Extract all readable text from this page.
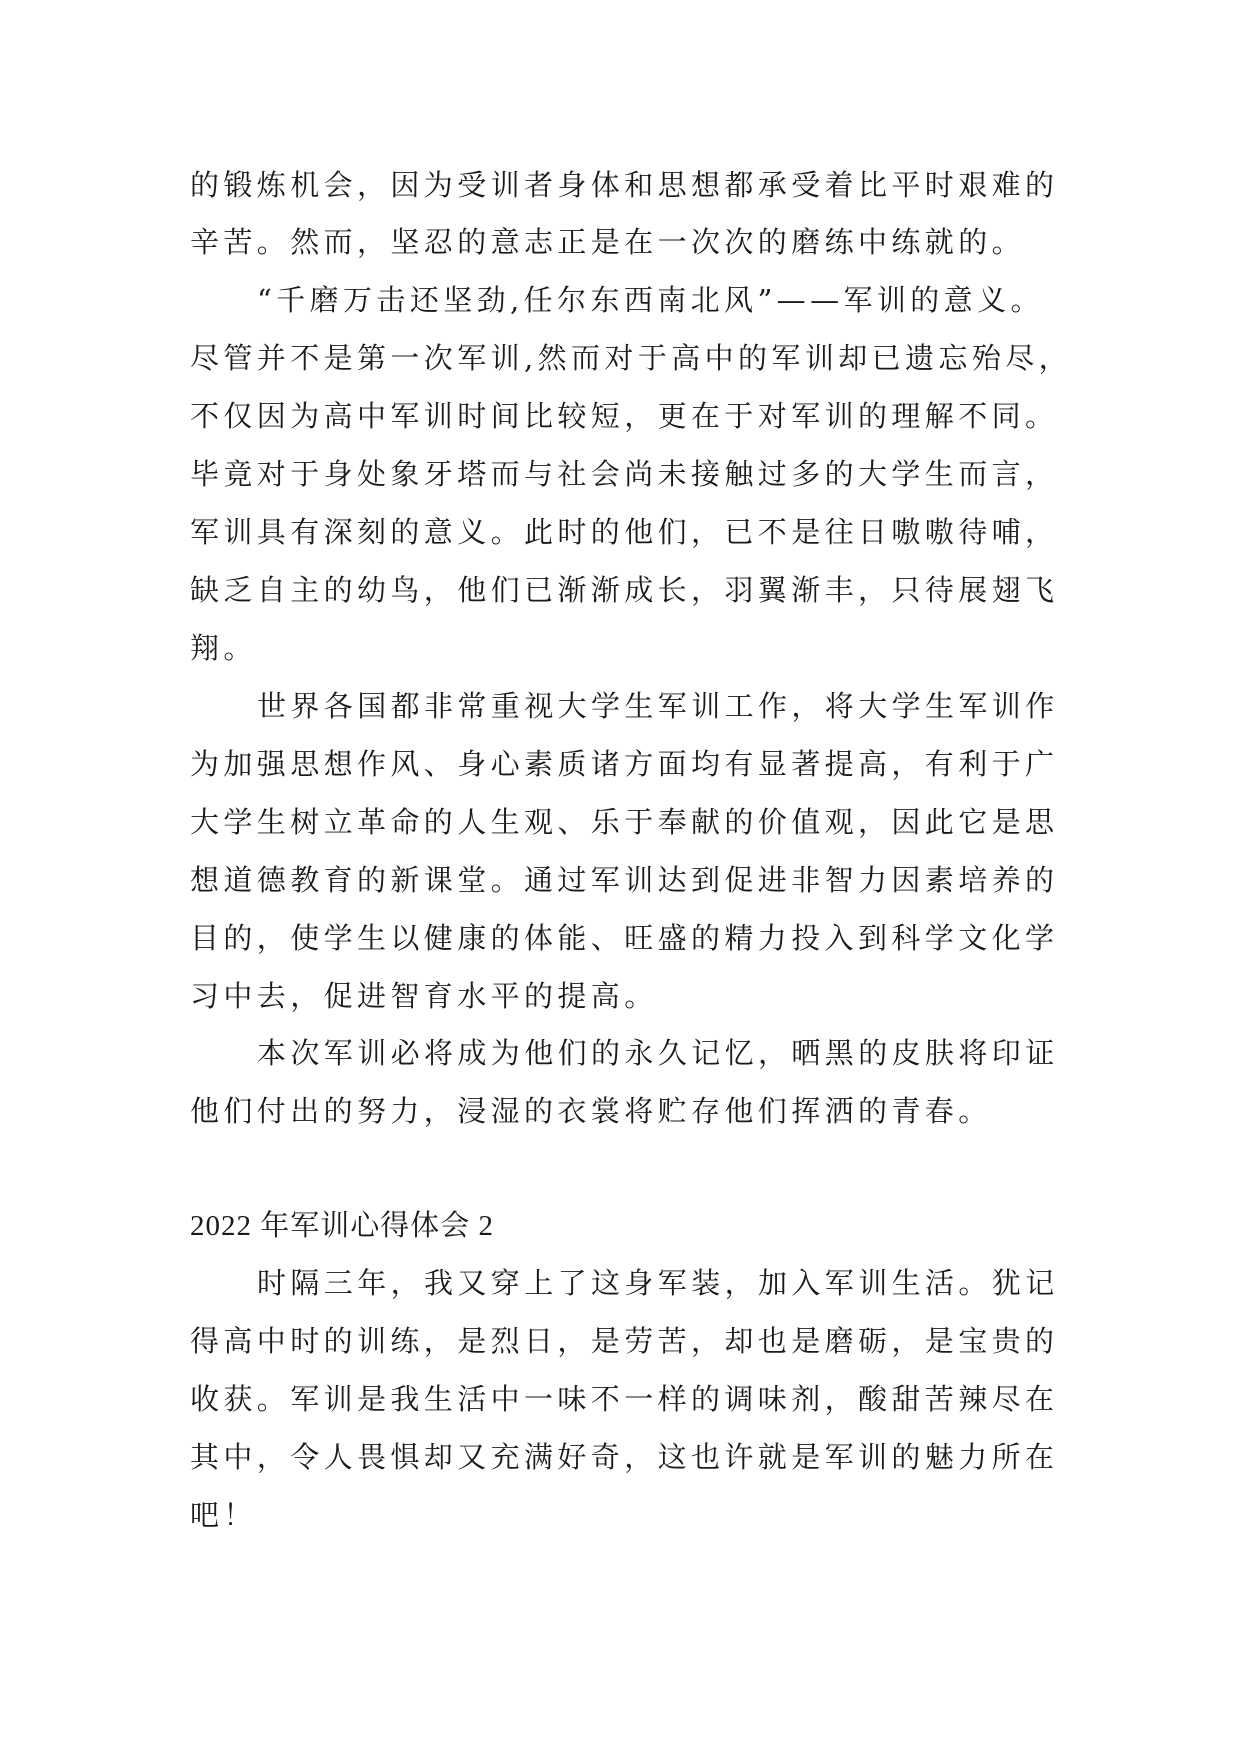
的锻炼机会，因为受训者身体和思想都承受着比平时艰难的

辛苦。然而，坚忍的意志正是在一次次的磨练中练就的。

“千磨万击还坚劲,任尔东西南北风”——军训的意义。

尽管并不是第一次军训,然而对于高中的军训却已遗忘殆尽，

不仅因为高中军训时间比较短，更在于对军训的理解不同。

毕竟对于身处象牙塔而与社会尚未接触过多的大学生而言，

军训具有深刻的意义。此时的他们，已不是往日嗷嗷待哺，

缺乏自主的幼鸟，他们已渐渐成长，羽翼渐丰，只待展翅飞

翔。

世界各国都非常重视大学生军训工作，将大学生军训作

为加强思想作风、身心素质诸方面均有显著提高，有利于广

大学生树立革命的人生观、乐于奉献的价值观，因此它是思

想道德教育的新课堂。通过军训达到促进非智力因素培养的

目的，使学生以健康的体能、旺盛的精力投入到科学文化学

习中去，促进智育水平的提高。

本次军训必将成为他们的永久记忆，晒黑的皮肤将印证

他们付出的努力，浸湿的衣裳将贮存他们挥洒的青春。

2022 年军训心得体会 2

时隔三年，我又穿上了这身军装，加入军训生活。犹记

得高中时的训练，是烈日，是劳苦，却也是磨砺，是宝贵的

收获。军训是我生活中一味不一样的调味剂，酸甜苦辣尽在

其中，令人畏惧却又充满好奇，这也许就是军训的魅力所在

吧！
